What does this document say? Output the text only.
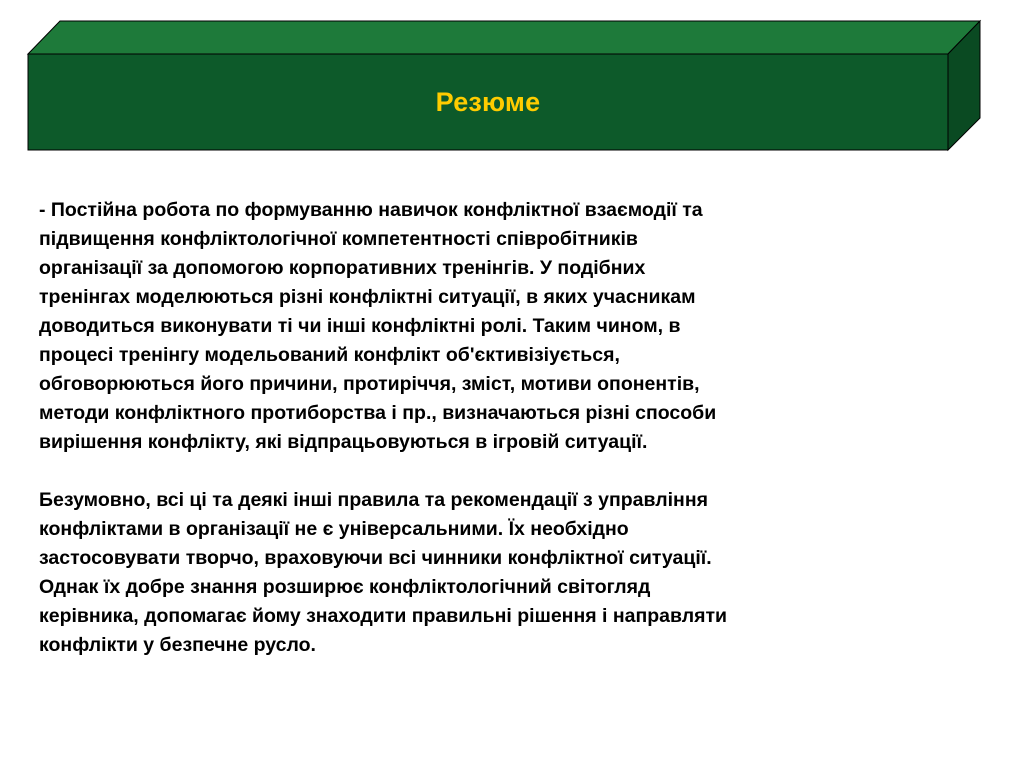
Резюме

- Постійна робота по формуванню навичок конфліктної взаємодії та
підвищення конфліктологічної компетентності співробітників
організації за допомогою корпоративних тренінгів. У подібних
тренінгах моделюються різні конфліктні ситуації, в яких учасникам
доводиться виконувати ті чи інші конфліктні ролі. Таким чином, в
процесі тренінгу модельований конфлікт об'єктивізіується,
обговорюються його причини, протиріччя, зміст, мотиви опонентів,
методи конфліктного протиборства і пр., визначаються різні способи
вирішення конфлікту, які відпрацьовуються в ігровій ситуації.

Безумовно, всі ці та деякі інші правила та рекомендації з управління
конфліктами в організації не є універсальними. Їх необхідно
застосовувати творчо, враховуючи всі чинники конфліктної ситуації.
Однак їх добре знання розширює конфліктологічний світогляд
керівника, допомагає йому знаходити правильні рішення і направляти
конфлікти у безпечне русло.
